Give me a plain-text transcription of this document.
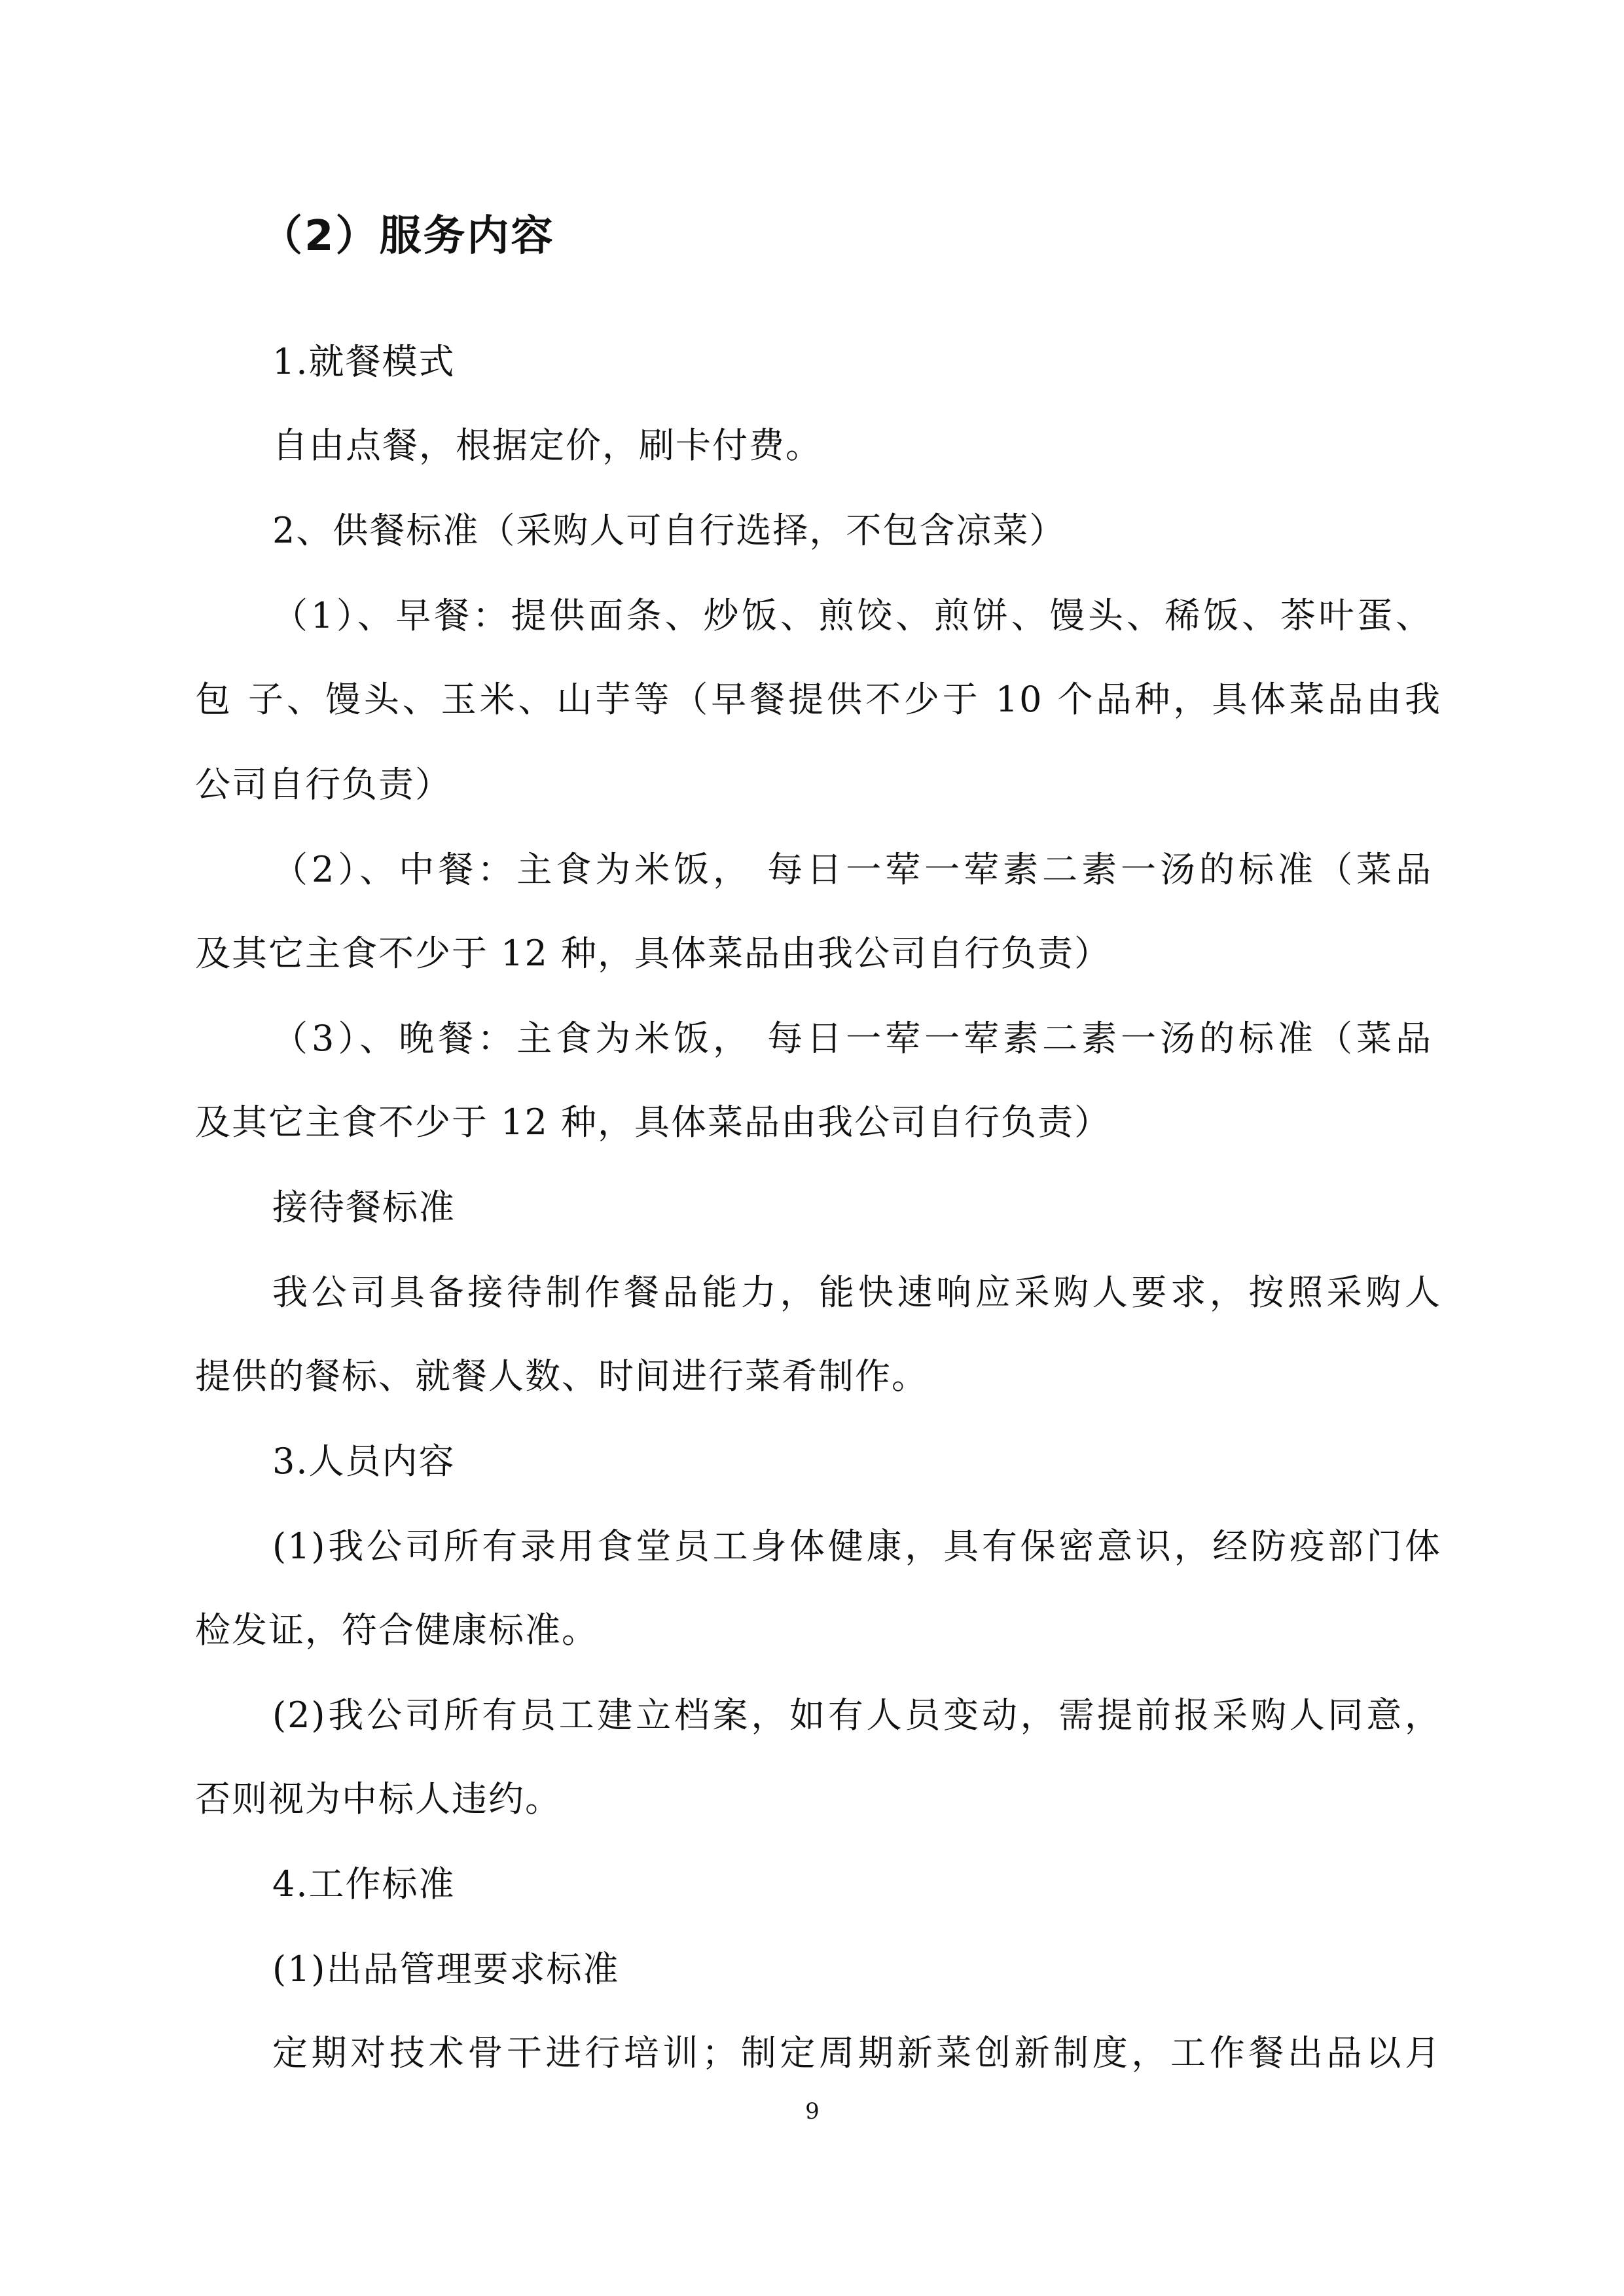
（2）服务内容
1.就餐模式
自由点餐，根据定价，刷卡付费。
2、供餐标准（采购人可自行选择，不包含凉菜）
（1）、早餐：提供面条、炒饭、煎饺、煎饼、馒头、稀饭、茶叶蛋、
包 子、馒头、玉米、山芋等（早餐提供不少于 10 个品种，具体菜品由我
公司自行负责）
（2）、中餐：主食为米饭， 每日一荤一荤素二素一汤的标准（菜品
及其它主食不少于 12 种，具体菜品由我公司自行负责）
（3）、晚餐：主食为米饭， 每日一荤一荤素二素一汤的标准（菜品
及其它主食不少于 12 种，具体菜品由我公司自行负责）
接待餐标准
我公司具备接待制作餐品能力，能快速响应采购人要求，按照采购人
提供的餐标、就餐人数、时间进行菜肴制作。
3.人员内容
(1)我公司所有录用食堂员工身体健康，具有保密意识，经防疫部门体
检发证，符合健康标准。
(2)我公司所有员工建立档案，如有人员变动，需提前报采购人同意，
否则视为中标人违约。
4.工作标准
(1)出品管理要求标准
定期对技术骨干进行培训；制定周期新菜创新制度，工作餐出品以月
9
